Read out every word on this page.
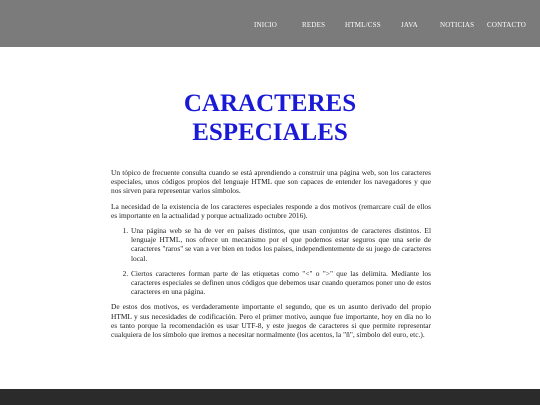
INICIO	REDES	HTML/CSS	JAVA	NOTICIAS CONTACTO
CARACTERES ESPECIALES

Un tópico de frecuente consulta cuando se está aprendiendo a construir una página web, son los caracteres especiales, unos códigos propios del lenguaje HTML que son capaces de entender los navegadores y que nos sirven para representar varios símbolos.

La necesidad de la existencia de los caracteres especiales responde a dos motivos (remarcare cuál de ellos es importante en la actualidad y porque actualizado octubre 2016).

1. Una página web se ha de ver en países distintos, que usan conjuntos de caracteres distintos. El lenguaje HTML, nos ofrece un mecanismo por el que podemos estar seguros que una serie de caracteres "raros" se van a ver bien en todos los países, independientemente de su juego de caracteres local.
2. Ciertos caracteres forman parte de las etiquetas como "<" o ">" que las delimita. Mediante los caracteres especiales se definen unos códigos que debemos usar cuando queramos poner uno de estos caracteres en una página.

De estos dos motivos, es verdaderamente importante el segundo, que es un asunto derivado del propio HTML y sus necesidades de codificación. Pero el primer motivo, aunque fue importante, hoy en día no lo es tanto porque la recomendación es usar UTF-8, y este juegos de caracteres si que permite representar cualquiera de los símbolo que iremos a necesitar normalmente (los acentos, la "ñ", símbolo del euro, etc.).
